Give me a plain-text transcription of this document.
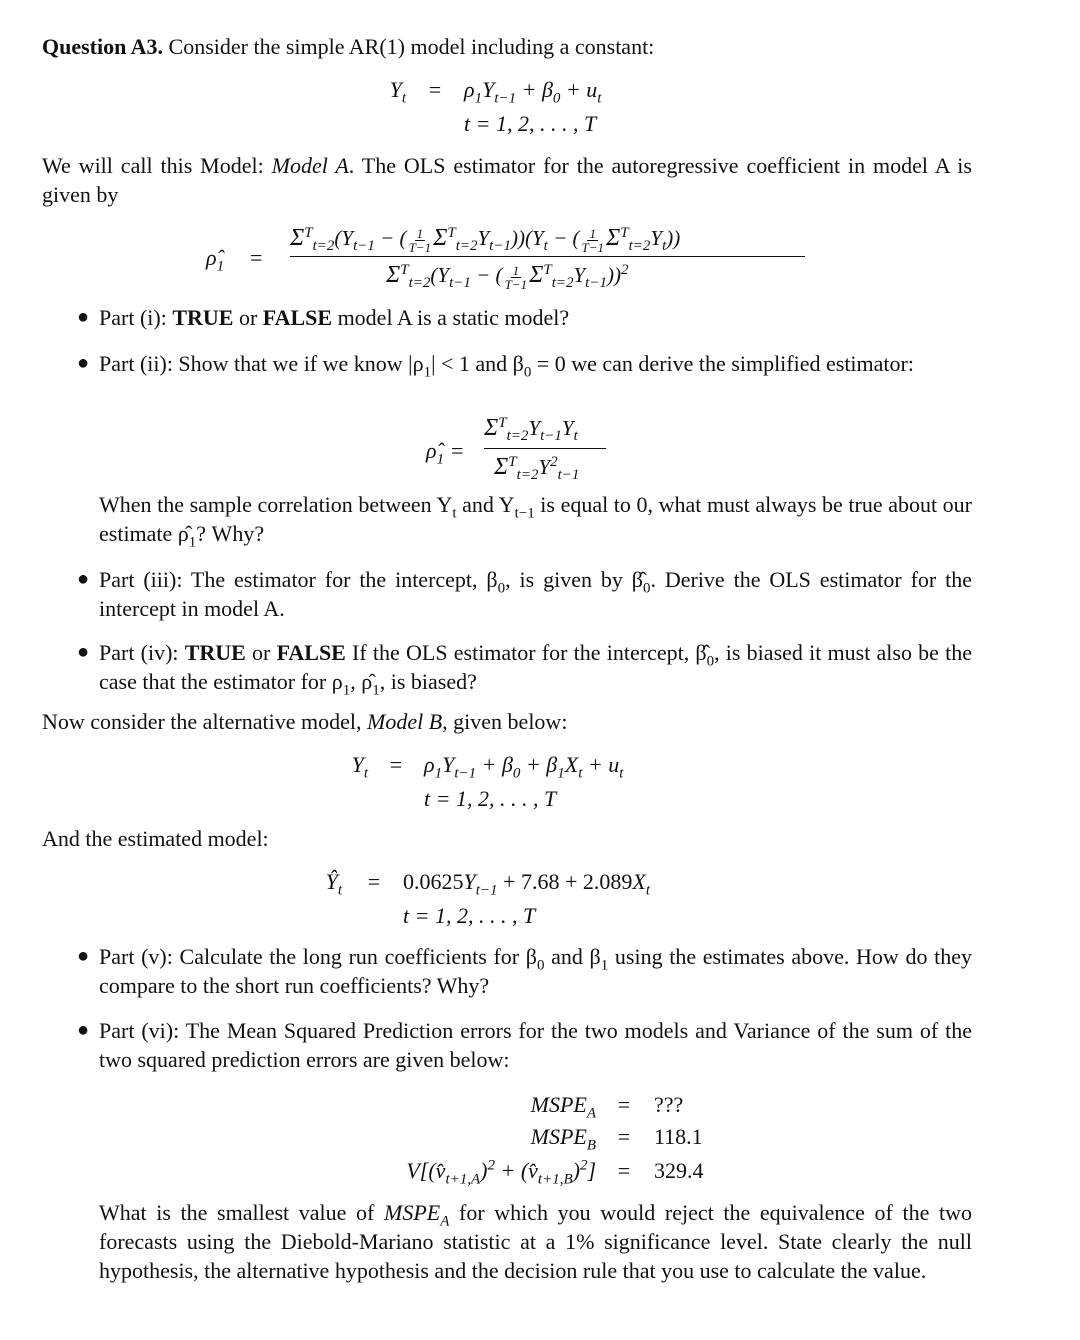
Question A3. Consider the simple AR(1) model including a constant:
$Y_t = \rho_1Y_{t-1} + \beta_0 + u_t$
t = 1, 2, . . . , T
We will call this Model: Model A. The OLS estimator for the autoregressive coefficient in model A is given by
$\rhô_1$ =
$\Sigma^T_{t=2}(Y_{t-1}$ − ( $\frac{1}{T-1} \Sigma^T_{t=2}Y_{t-1}))(Y_t$ − ( $\frac{1}{T-1} \Sigma^T_{t=2}Y_t$))
$\Sigma^T_{t=2}(Y_{t-1}$ − ( $\frac{1}{T-1} \Sigma^T_{t=2}Y_{t-1}))^2$
● Part (i): TRUE or FALSE model A is a static model?
● Part (ii): Show that we if we know $|\rho_1| < 1$ and $\beta_0 = 0$ we can derive the simplified estimator:
$\rhô_1$ =
$\Sigma^T_{t=2}Y_{t-1}Y_t$
$\Sigma^T_{t=2}Y^2_{t-1}$
When the sample correlation between $Y_t$ and $Y_{t-1}$ is equal to 0, what must always be true about our estimate $\rhô_1$? Why?
● Part (iii): The estimator for the intercept, $\beta_0$, is given by $\betâ_0$. Derive the OLS estimator for the intercept in model A.
● Part (iv): TRUE or FALSE If the OLS estimator for the intercept, $\betâ_0$, is biased it must also be the case that the estimator for $\rho_1$, $\rhô_1$, is biased?
Now consider the alternative model, Model B, given below:
$Y_t = \rho_1Y_{t-1} + \beta_0 + \beta_1X_t + u_t$
t = 1, 2, . . . , T
And the estimated model:
$Ŷ_t = 0.0625Y_{t-1} + 7.68 + 2.089X_t$
t = 1, 2, . . . , T
● Part (v): Calculate the long run coefficients for $\beta_0$ and $\beta_1$ using the estimates above. How do they compare to the short run coefficients? Why?
● Part (vi): The Mean Squared Prediction errors for the two models and Variance of the sum of the two squared prediction errors are given below:
$MSPE_A$ = ???
$MSPE_B = 118.1$
$V[(v̂_{t+1,A})^2$ + $(v̂_{t+1,B})^2] = 329.4$
What is the smallest value of $MSPE_A$ for which you would reject the equivalence of the two forecasts using the Diebold-Mariano statistic at a 1% significance level. State clearly the null hypothesis, the alternative hypothesis and the decision rule that you use to calculate the value.
